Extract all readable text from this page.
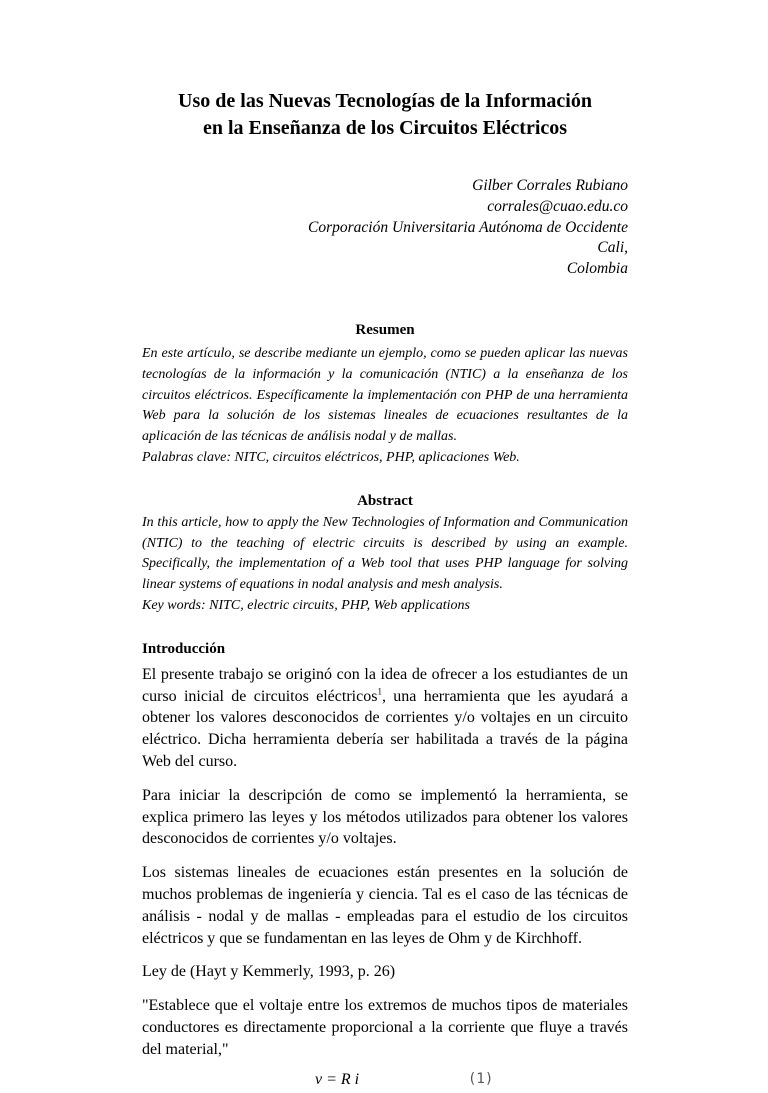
Uso de las Nuevas Tecnologías de la Información
en la Enseñanza de los Circuitos Eléctricos
Gilber Corrales Rubiano
corrales@cuao.edu.co
Corporación Universitaria Autónoma de Occidente
Cali,
Colombia
Resumen

En este artículo, se describe mediante un ejemplo, como se pueden aplicar las nuevas tecnologías de la información y la comunicación (NTIC) a la enseñanza de los circuitos eléctricos. Específicamente la implementación con PHP de una herramienta Web para la solución de los sistemas lineales de ecuaciones resultantes de la aplicación de las técnicas de análisis nodal y de mallas.

Palabras clave: NITC, circuitos eléctricos, PHP, aplicaciones Web.

Abstract

In this article, how to apply the New Technologies of Information and Communication (NTIC) to the teaching of electric circuits is described by using an example. Specifically, the implementation of a Web tool that uses PHP language for solving linear systems of equations in nodal analysis and mesh analysis.

Key words: NITC, electric circuits, PHP, Web applications

Introducción

El presente trabajo se originó con la idea de ofrecer a los estudiantes de un curso inicial de circuitos eléctricos$^1$, una herramienta que les ayudará a obtener los valores desconocidos de corrientes y/o voltajes en un circuito eléctrico. Dicha herramienta debería ser habilitada a través de la página Web del curso.

Para iniciar la descripción de como se implementó la herramienta, se explica primero las leyes y los métodos utilizados para obtener los valores desconocidos de corrientes y/o voltajes.

Los sistemas lineales de ecuaciones están presentes en la solución de muchos problemas de ingeniería y ciencia. Tal es el caso de las técnicas de análisis - nodal y de mallas - empleadas para el estudio de los circuitos eléctricos y que se fundamentan en las leyes de Ohm y de Kirchhoff.

Ley de (Hayt y Kemmerly, 1993, p. 26)

"Establece que el voltaje entre los extremos de muchos tipos de materiales conductores es directamente proporcional a la corriente que fluye a través del material,"

v = R i	(1)
